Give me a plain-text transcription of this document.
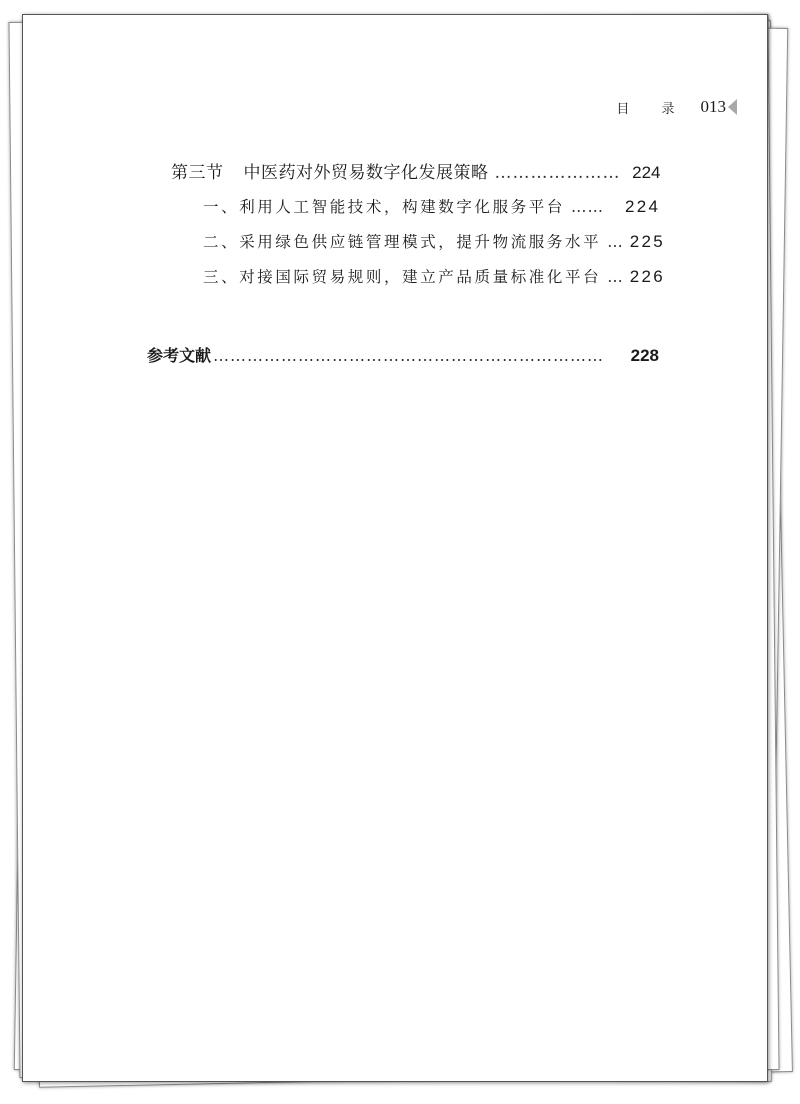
目 录 013
第三节 中医药对外贸易数字化发展策略 ………………… 224
一、利用人工智能技术，构建数字化服务平台 ……	224
二、采用绿色供应链管理模式，提升物流服务水平 … 225
三、对接国际贸易规则，建立产品质量标准化平台 … 226
参考文献 ……………………………………………………………	228
